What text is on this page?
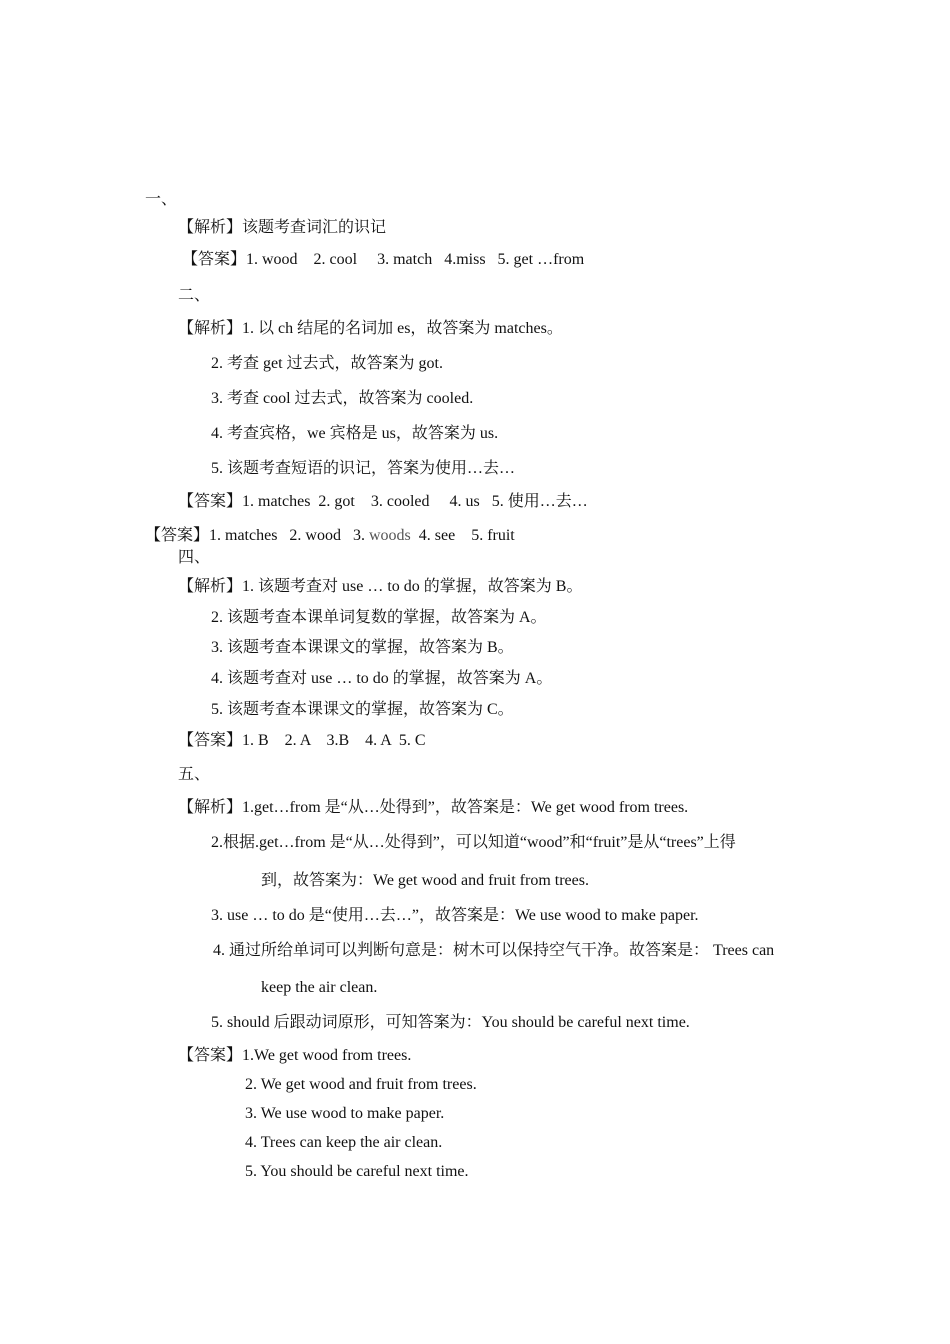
一、
【解析】该题考查词汇的识记
【答案】1. wood    2. cool     3. match   4.miss   5. get …from
二、
【解析】1. 以 ch 结尾的名词加 es，故答案为 matches。
2. 考查 get 过去式，故答案为 got.
3. 考查 cool 过去式，故答案为 cooled.
4. 考查宾格，we 宾格是 us，故答案为 us.
5. 该题考查短语的识记，答案为使用…去…
【答案】1. matches  2. got    3. cooled     4. us   5. 使用…去…
【答案】1. matches   2. wood   3. woods  4. see    5. fruit
四、
【解析】1. 该题考查对 use … to do 的掌握，故答案为 B。
2. 该题考查本课单词复数的掌握，故答案为 A。
3. 该题考查本课课文的掌握，故答案为 B。
4. 该题考查对 use … to do 的掌握，故答案为 A。
5. 该题考查本课课文的掌握，故答案为 C。
【答案】1. B    2. A    3.B    4. A  5. C
五、
【解析】1.get…from 是“从…处得到”，故答案是：We get wood from trees.
2.根据.get…from 是“从…处得到”，可以知道“wood”和“fruit”是从“trees”上得
到，故答案为：We get wood and fruit from trees.
3. use … to do 是“使用…去…”，故答案是：We use wood to make paper.
4. 通过所给单词可以判断句意是：树木可以保持空气干净。故答案是： Trees can
keep the air clean.
5. should 后跟动词原形，可知答案为：You should be careful next time.
【答案】1.We get wood from trees.
2. We get wood and fruit from trees.
3. We use wood to make paper.
4. Trees can keep the air clean.
5. You should be careful next time.
